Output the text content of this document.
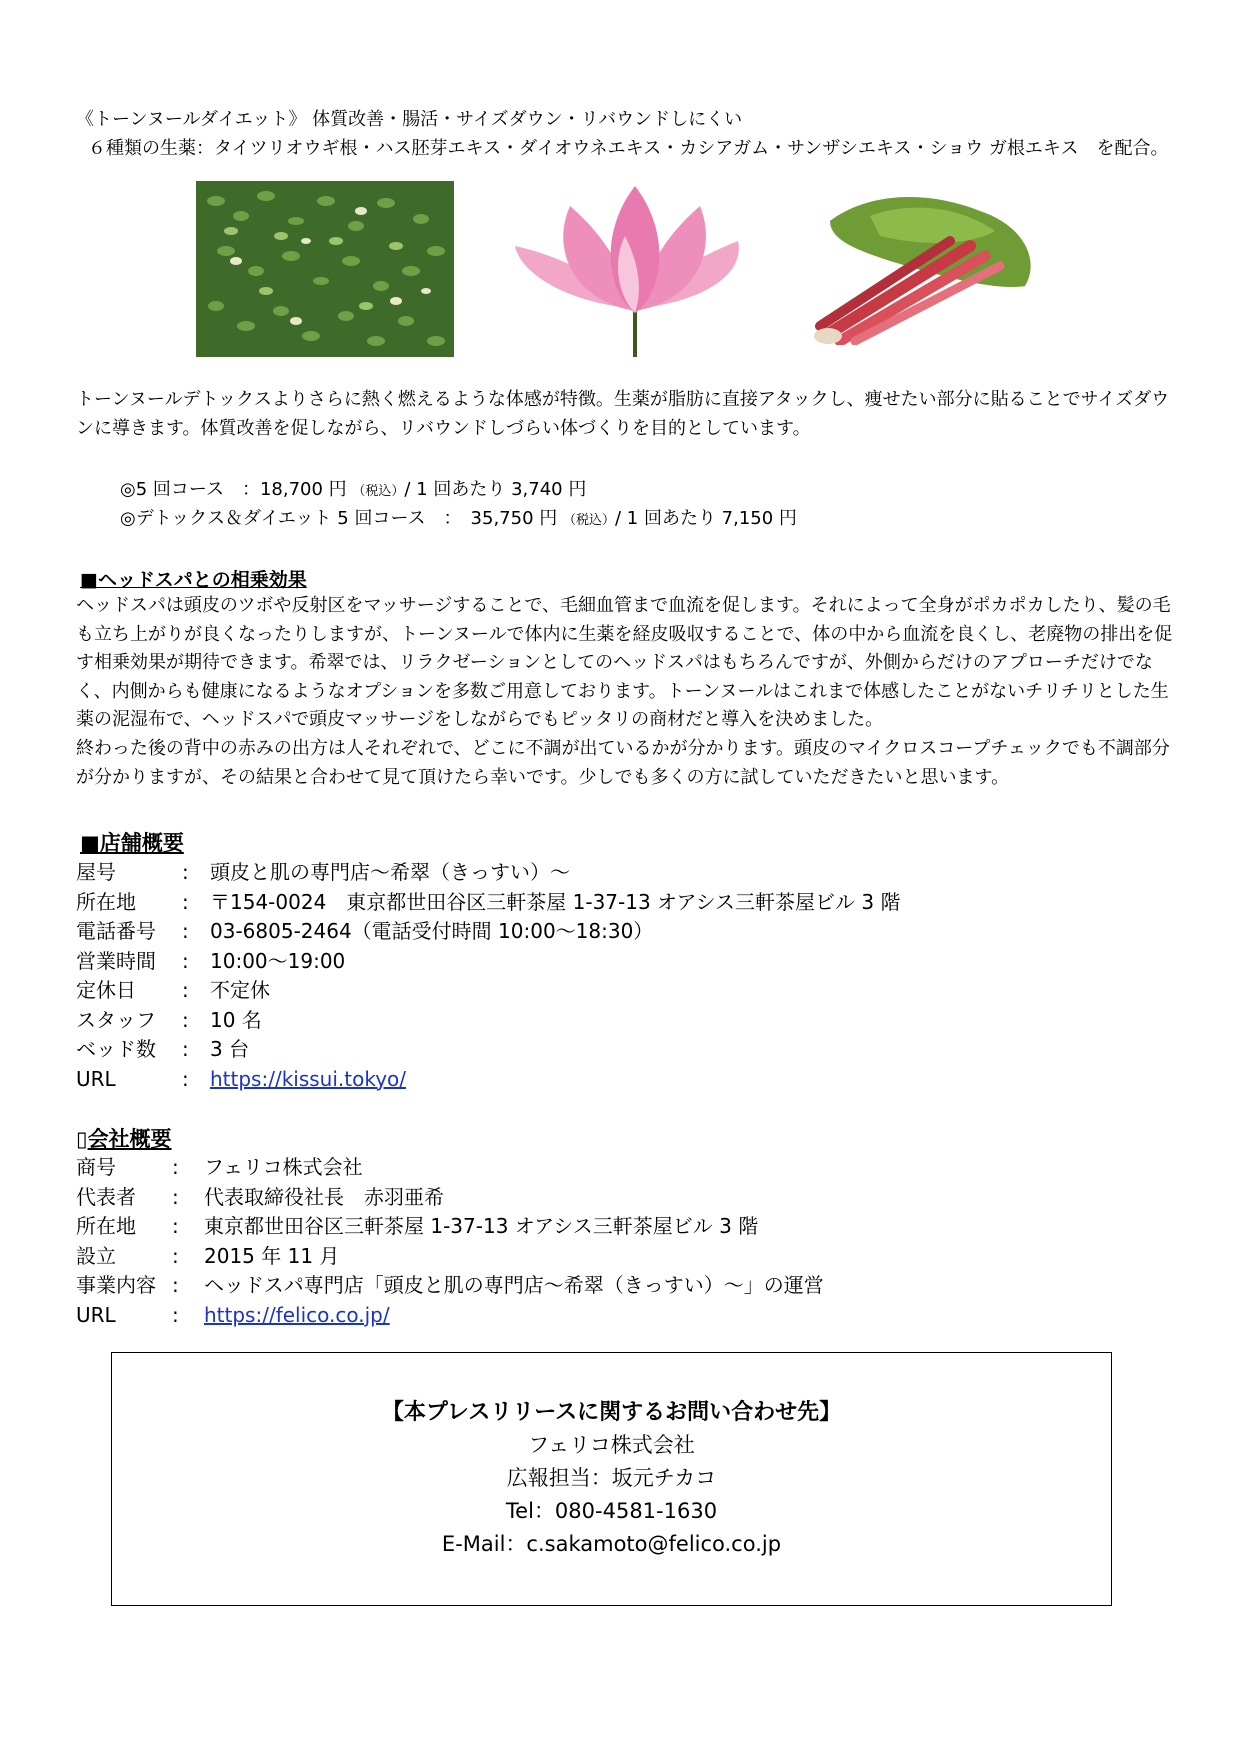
《トーンヌールダイエット》 体質改善・腸活・サイズダウン・リバウンドしにくい
６種類の生薬：タイツリオウギ根・ハス胚芽エキス・ダイオウネエキス・カシアガム・サンザシエキス・ショウ ガ根エキス　を配合。
トーンヌールデトックスよりさらに熱く燃えるような体感が特徴。生薬が脂肪に直接アタックし、痩せたい部分に貼ることでサイズダウンに導きます。体質改善を促しながら、リバウンドしづらい体づくりを目的としています。
◎5 回コース　：18,700 円 （税込）/ 1 回あたり 3,740 円
◎デトックス＆ダイエット 5 回コース　：　35,750 円 （税込）/ 1 回あたり 7,150 円
■ヘッドスパとの相乗効果
ヘッドスパは頭皮のツボや反射区をマッサージすることで、毛細血管まで血流を促します。それによって全身がポカポカしたり、髪の毛も立ち上がりが良くなったりしますが、トーンヌールで体内に生薬を経皮吸収することで、体の中から血流を良くし、老廃物の排出を促す相乗効果が期待できます。希翠では、リラクゼーションとしてのヘッドスパはもちろんですが、外側からだけのアプローチだけでなく、内側からも健康になるようなオプションを多数ご用意しております。トーンヌールはこれまで体感したことがないチリチリとした生薬の泥湿布で、ヘッドスパで頭皮マッサージをしながらでもピッタリの商材だと導入を決めました。
終わった後の背中の赤みの出方は人それぞれで、どこに不調が出ているかが分かります。頭皮のマイクロスコープチェックでも不調部分が分かりますが、その結果と合わせて見て頂けたら幸いです。少しでも多くの方に試していただきたいと思います。
■店舗概要
屋号	: 頭皮と肌の専門店～希翠（きっすい）～
所在地 : 〒154-0024　東京都世田谷区三軒茶屋 1-37-13 オアシス三軒茶屋ビル 3 階
電話番号 : 03-6805-2464（電話受付時間 10:00～18:30）
営業時間 : 10:00～19:00
定休日 : 不定休
スタッフ : 10 名
ベッド数 : 3 台
URL	: https://kissui.tokyo/
▯会社概要
商号	: フェリコ株式会社
代表者 : 代表取締役社長　赤羽亜希
所在地 : 東京都世田谷区三軒茶屋 1-37-13 オアシス三軒茶屋ビル 3 階
設立	: 2015 年 11 月
事業内容 : ヘッドスパ専門店「頭皮と肌の専門店～希翠（きっすい）～」の運営
URL	: https://felico.co.jp/
【本プレスリリースに関するお問い合わせ先】
フェリコ株式会社
広報担当：坂元チカコ
Tel：080-4581-1630
E-Mail：c.sakamoto@felico.co.jp
